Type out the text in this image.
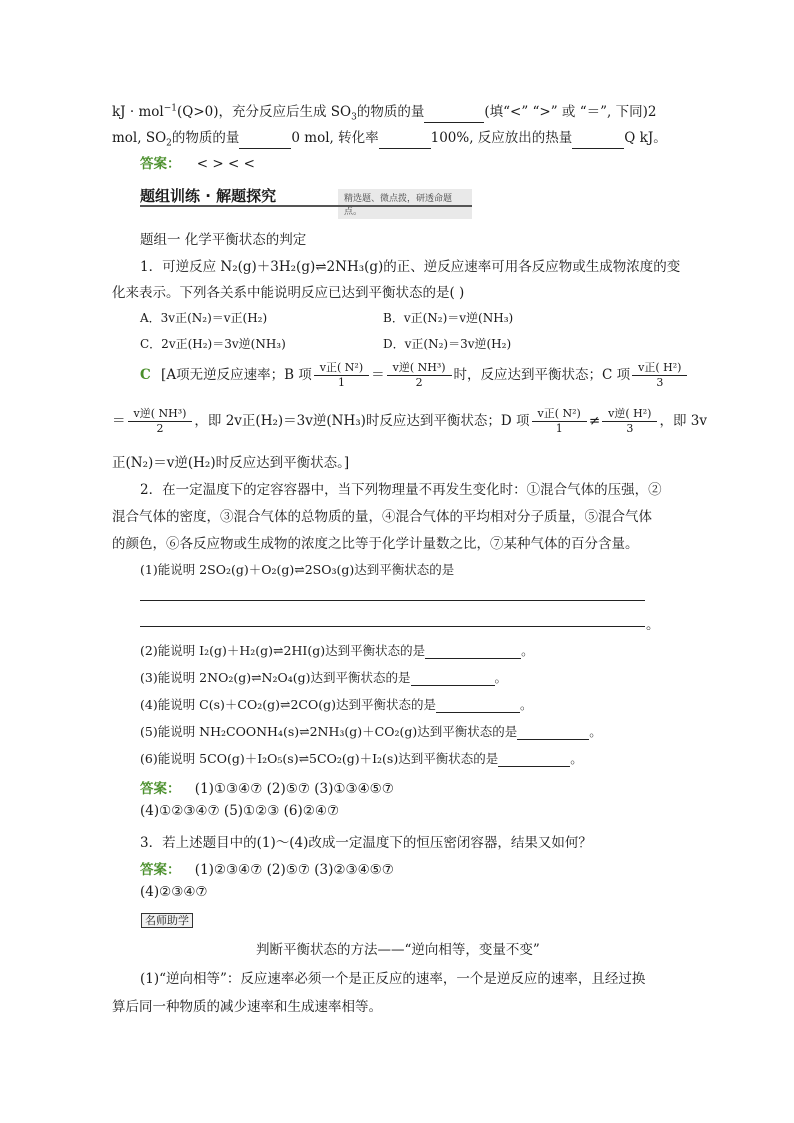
kJ · mol$^{-1}$(Q>0)，充分反应后生成 $SO_3$的物质的量	(填“<” “>” 或 “＝”, 下同)2
mol, $SO_2$的物质的量	0 mol, 转化率	100%, 反应放出的热量	Q kJ。
答案： < > < <
题组训练 · 解题探究	精选题、微点拨，研透命题点。
题组一 化学平衡状态的判定
1．可逆反应 N₂(g)＋3H₂(g)⇌2NH₃(g)的正、逆反应速率可用各反应物或生成物浓度的变
化来表示。下列各关系中能说明反应已达到平衡状态的是( )
A．3v正(N₂)＝v正(H₂)	B．v正(N₂)＝v逆(NH₃)
C．2v正(H₂)＝3v逆(NH₃)	D．v正(N₂)＝3v逆(H₂)
C [A项无逆反应速率；B 项 $\frac{\text{v正( N²)}}{1} = \frac{\text{v逆( NH³)}}{2}$ 时，反应达到平衡状态；C 项 $\frac{\text{v正( H²)}}{3}$
＝ $\frac{\text{v逆( NH³)}}{2}$ ，即 2v正(H₂)＝3v逆(NH₃)时反应达到平衡状态；D 项 $\frac{\text{v正( N²)}}{1} \ne \frac{\text{v逆( H²)}}{3}$ ，即 3v
正(N₂)＝v逆(H₂)时反应达到平衡状态。]
2．在一定温度下的定容容器中，当下列物理量不再发生变化时：①混合气体的压强，②
混合气体的密度，③混合气体的总物质的量，④混合气体的平均相对分子质量，⑤混合气体
的颜色，⑥各反应物或生成物的浓度之比等于化学计量数之比，⑦某种气体的百分含量。
(1)能说明 2SO₂(g)＋O₂(g)⇌2SO₃(g)达到平衡状态的是
。
(2)能说明 I₂(g)＋H₂(g)⇌2HI(g)达到平衡状态的是	。
(3)能说明 2NO₂(g)⇌N₂O₄(g)达到平衡状态的是	。
(4)能说明 C(s)＋CO₂(g)⇌2CO(g)达到平衡状态的是	。
(5)能说明 NH₂COONH₄(s)⇌2NH₃(g)＋CO₂(g)达到平衡状态的是	。
(6)能说明 5CO(g)＋I₂O₅(s)⇌5CO₂(g)＋I₂(s)达到平衡状态的是	。
答案： (1)①③④⑦ (2)⑤⑦ (3)①③④⑤⑦
(4)①②③④⑦ (5)①②③ (6)②④⑦
3．若上述题目中的(1)～(4)改成一定温度下的恒压密闭容器，结果又如何？
答案： (1)②③④⑦ (2)⑤⑦ (3)②③④⑤⑦
(4)②③④⑦
名师助学
判断平衡状态的方法——“逆向相等，变量不变”
(1)“逆向相等”：反应速率必须一个是正反应的速率，一个是逆反应的速率，且经过换
算后同一种物质的减少速率和生成速率相等。
